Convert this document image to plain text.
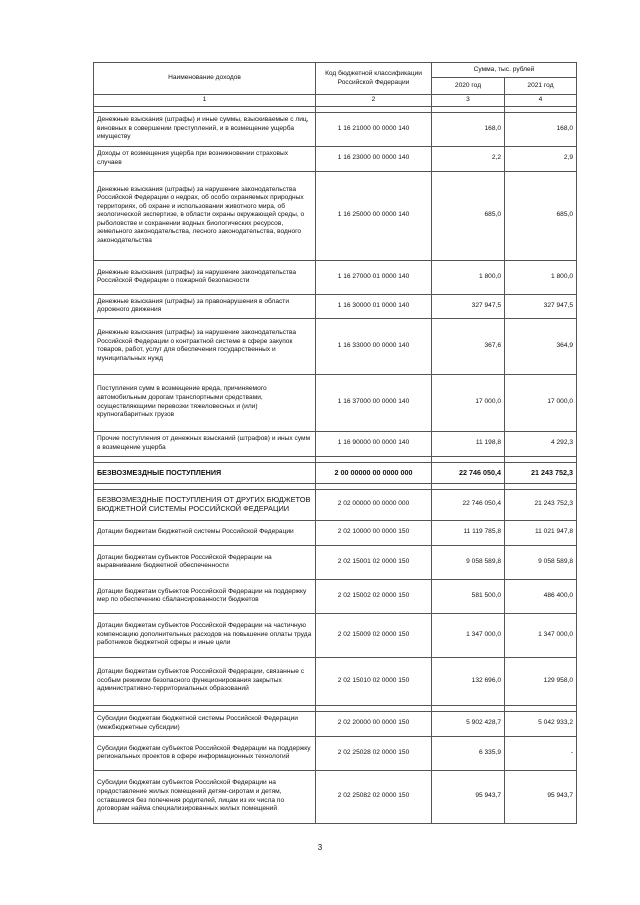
Наименование доходов	Код бюджетной классификации Российской Федерации	Сумма, тыс. рублей	
		2020 год	2021 год
1	2	3	4

Денежные взыскания (штрафы) и иные суммы, взыскиваемые с лиц, виновных в совершении преступлений, и в возмещение ущерба имуществу	1 16 21000 00 0000 140	168,0	168,0
Доходы от возмещения ущерба при возникновении страховых случаев	1 16 23000 00 0000 140	2,2	2,9
Денежные взыскания (штрафы) за нарушение законодательства Российской Федерации о недрах, об особо охраняемых природных территориях, об охране и использовании животного мира, об экологической экспертизе, в области охраны окружающей среды, о рыболовстве и сохранении водных биологических ресурсов, земельного законодательства, лесного законодательства, водного законодательства	1 16 25000 00 0000 140	685,0	685,0
Денежные взыскания (штрафы) за нарушение законодательства Российской Федерации о пожарной безопасности	1 16 27000 01 0000 140	1 800,0	1 800,0
Денежные взыскания (штрафы) за правонарушения в области дорожного движения	1 16 30000 01 0000 140	327 947,5	327 947,5
Денежные взыскания (штрафы) за нарушение законодательства Российской Федерации о контрактной системе в сфере закупок товаров, работ, услуг для обеспечения государственных и муниципальных нужд	1 16 33000 00 0000 140	367,6	364,9
Поступления сумм в возмещение вреда, причиняемого автомобильным дорогам транспортными средствами, осуществляющими перевозки тяжеловесных и (или) крупногабаритных грузов	1 16 37000 00 0000 140	17 000,0	17 000,0
Прочие поступления от денежных взысканий (штрафов) и иных сумм в возмещение ущерба	1 16 90000 00 0000 140	11 198,8	4 292,3

БЕЗВОЗМЕЗДНЫЕ ПОСТУПЛЕНИЯ	2 00 00000 00 0000 000	22 746 050,4	21 243 752,3

БЕЗВОЗМЕЗДНЫЕ ПОСТУПЛЕНИЯ ОТ ДРУГИХ БЮДЖЕТОВ БЮДЖЕТНОЙ СИСТЕМЫ РОССИЙСКОЙ ФЕДЕРАЦИИ	2 02 00000 00 0000 000	22 746 050,4	21 243 752,3
Дотации бюджетам бюджетной системы Российской Федерации	2 02 10000 00 0000 150	11 119 785,8	11 021 947,8
Дотации бюджетам субъектов Российской Федерации на выравнивание бюджетной обеспеченности	2 02 15001 02 0000 150	9 058 589,8	9 058 589,8
Дотации бюджетам субъектов Российской Федерации на поддержку мер по обеспечению сбалансированности бюджетов	2 02 15002 02 0000 150	581 500,0	486 400,0
Дотации бюджетам субъектов Российской Федерации на частичную компенсацию дополнительных расходов на повышение оплаты труда работников бюджетной сферы и иные цели	2 02 15009 02 0000 150	1 347 000,0	1 347 000,0
Дотации бюджетам субъектов Российской Федерации, связанные с особым режимом безопасного функционирования закрытых административно-территориальных образований	2 02 15010 02 0000 150	132 696,0	129 958,0

Субсидии бюджетам бюджетной системы Российской Федерации (межбюджетные субсидии)	2 02 20000 00 0000 150	5 902 428,7	5 042 933,2
Субсидии бюджетам субъектов Российской Федерации на поддержку региональных проектов в сфере информационных технологий	2 02 25028 02 0000 150	6 335,9	-
Субсидии бюджетам субъектов Российской Федерации на предоставление жилых помещений детям-сиротам и детям, оставшимся без попечения родителей, лицам из их числа по договорам найма специализированных жилых помещений	2 02 25082 02 0000 150	95 943,7	95 943,7
3
